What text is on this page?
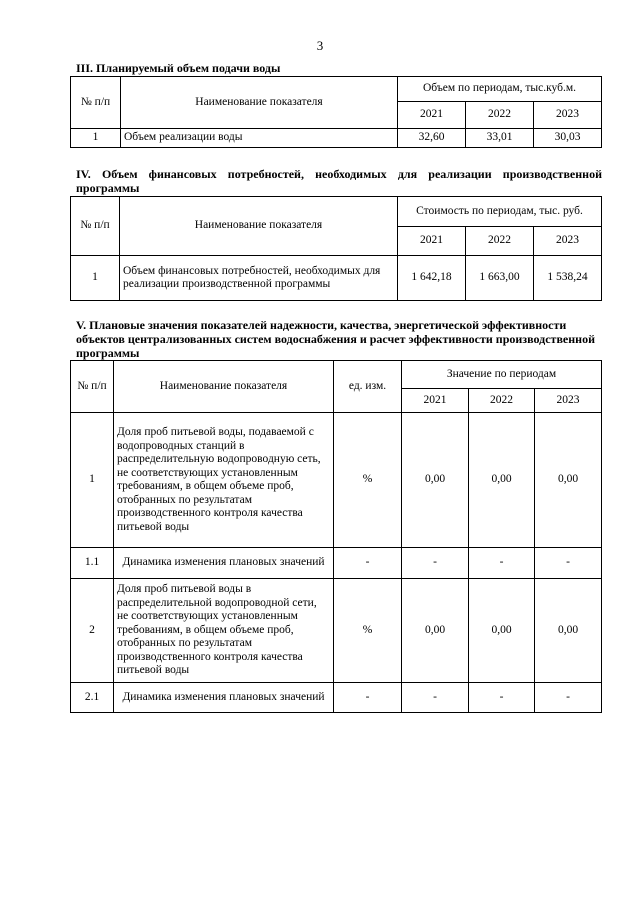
3
III. Планируемый объем подачи воды
№ п/п	Наименование показателя	Объем по периодам, тыс.куб.м.		
		2021	2022	2023
1	Объем реализации воды	32,60	33,01	30,03
IV. Объем финансовых потребностей, необходимых для реализации производственной программы
№ п/п	Наименование показателя	Стоимость по периодам, тыс. руб.		
		2021	2022	2023
1	Объем финансовых потребностей, необходимых для реализации производственной программы	1 642,18	1 663,00	1 538,24
V. Плановые значения показателей надежности, качества, энергетической эффективности объектов централизованных систем водоснабжения и расчет эффективности производственной программы
№ п/п	Наименование показателя	ед. изм.	Значение по периодам		
			2021	2022	2023
1	Доля проб питьевой воды, подаваемой с водопроводных станций в распределительную водопроводную сеть, не соответствующих установленным требованиям, в общем объеме проб, отобранных по результатам производственного контроля качества питьевой воды	%	0,00	0,00	0,00
1.1	Динамика изменения плановых значений	-	-	-	-
2	Доля проб питьевой воды в распределительной водопроводной сети, не соответствующих установленным требованиям, в общем объеме проб, отобранных по результатам производственного контроля качества питьевой воды	%	0,00	0,00	0,00
2.1	Динамика изменения плановых значений	-	-	-	-
